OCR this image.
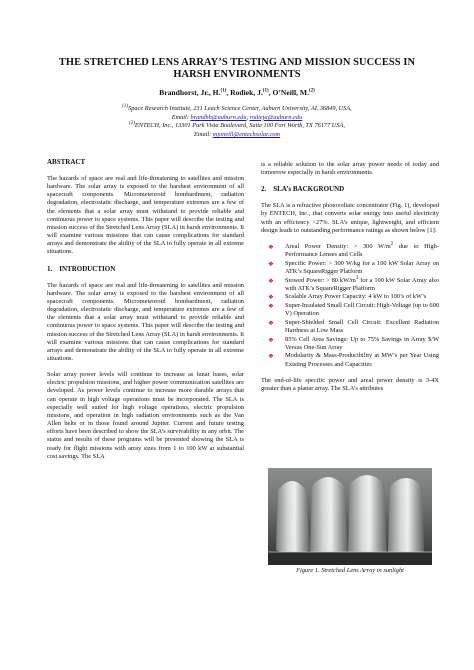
THE STRETCHED LENS ARRAY’S TESTING AND MISSION SUCCESS IN HARSH ENVIRONMENTS
Brandhorst, Jr., H.$^{(1)}$, Rodiek, J.$^{(1)}$, O’Neill, M.$^{(2)}$
$^{(1)}$Space Research Institute, 231 Leach Science Center, Auburn University, AL 36849, USA,
Email: brandhh@auburn.edu, rodieja@auburn.edu
$^{(2)}$ENTECH, Inc., 13301 Park Vista Boulevard, Suite 100 Fort Worth, TX 76177 USA,
Email: mjoneill@entechsolar.com

ABSTRACT

The hazards of space are real and life-threatening to satellites and mission hardware. The solar array is exposed to the harshest environment of all spacecraft components. Micrometeoroid bombardment, radiation degradation, electrostatic discharge, and temperature extremes are a few of the elements that a solar array must withstand to provide reliable and continuous power to space systems. This paper will describe the testing and mission success of the Stretched Lens Array (SLA) in harsh environments. It will examine various missions that can cause complications for standard arrays and demonstrate the ability of the SLA to fully operate in all extreme situations.

1.    INTRODUCTION

The hazards of space are real and life-threatening to satellites and mission hardware. The solar array is exposed to the harshest environment of all spacecraft components. Micrometeoroid bombardment, radiation degradation, electrostatic discharge, and temperature extremes are a few of the elements that a solar array must withstand to provide reliable and continuous power to space systems. This paper will describe the testing and mission success of the Stretched Lens Array (SLA) in harsh environments. It will examine various missions that can cause complications for standard arrays and demonstrate the ability of the SLA to fully operate in all extreme situations.

Solar array power levels will continue to increase as lunar bases, solar electric propulsion missions, and higher power communication satellites are developed. As power levels continue to increase more durable arrays that can operate in high voltage operations must be incorporated. The SLA is especially well suited for high voltage operations, electric propulsion missions, and operation in high radiation environments such as the Van Allen belts or in those found around Jupiter. Current and future testing efforts have been described to show the SLA’s survivability in any orbit. The status and results of these programs will be presented showing the SLA is ready for flight missions with array sizes from 1 to 100 kW at substantial cost savings. The SLA

is a reliable solution to the solar array power needs of today and tomorrow especially in harsh environments.

2.    SLA’s BACKGROUND

The SLA is a refractive photovoltaic concentrator (Fig. 1), developed by ENTECH, Inc., that converts solar energy into useful electricity with an efficiency >27%. SLA’s unique, lightweight, and efficient design leads to outstanding performance ratings as shown below [1]:

❖ Areal Power Density: > 300 $W/m^2$ due to High-Performance Lenses and Cells
❖ Specific Power: > 300 W/kg for a 100 kW Solar Array on ATK’s SquareRigger Platform
❖ Stowed Power: > 80 $kW/m^3$ for a 100 kW Solar Array also with ATK’s SquareRigger Platform
❖ Scalable Array Power Capacity: 4 kW to 100’s of kW’s
❖ Super-Insulated Small Cell Circuit: High-Voltage (up to 600 V) Operation
❖ Super-Shielded Small Cell Circuit: Excellent Radiation Hardness at Low Mass
❖ 85% Cell Area Savings: Up to 75% Savings in Array $/W Versus One-Sun Array
❖ Modularity & Mass-Producibility at MW’s per Year Using Existing Processes and Capacities

The end-of-life specific power and areal power density is 3-4X greater than a planar array. The SLA’s attributes

Figure 1. Stretched Lens Array in sunlight
